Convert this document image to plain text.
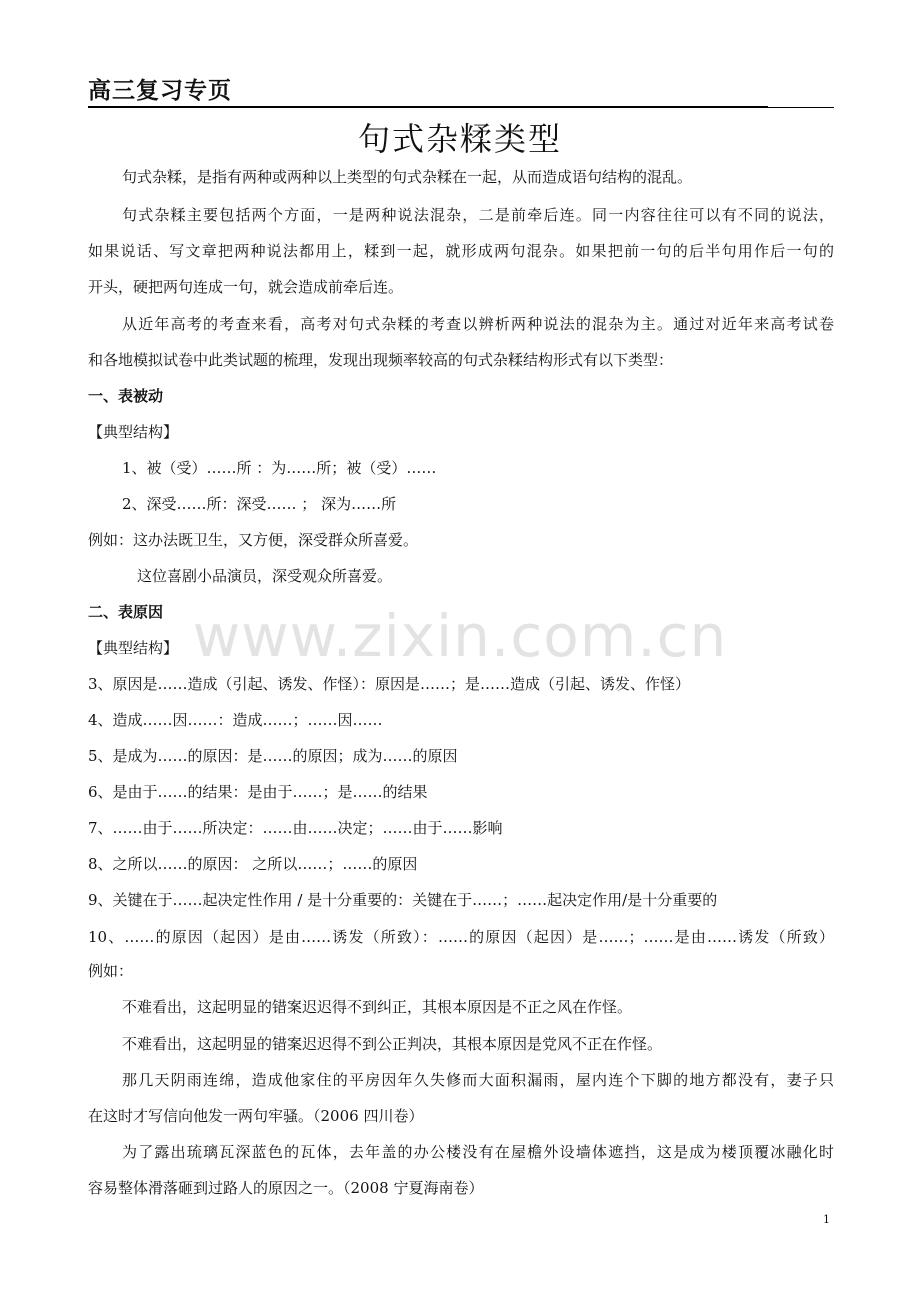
高三复习专页
句式杂糅类型
www.zixin.com.cn
句式杂糅，是指有两种或两种以上类型的句式杂糅在一起，从而造成语句结构的混乱。
句式杂糅主要包括两个方面，一是两种说法混杂，二是前牵后连。同一内容往往可以有不同的说法，
如果说话、写文章把两种说法都用上，糅到一起，就形成两句混杂。如果把前一句的后半句用作后一句的
开头，硬把两句连成一句，就会造成前牵后连。
从近年高考的考查来看，高考对句式杂糅的考查以辨析两种说法的混杂为主。通过对近年来高考试卷
和各地模拟试卷中此类试题的梳理，发现出现频率较高的句式杂糅结构形式有以下类型：
一、表被动
【典型结构】
1、被（受）……所 ：为……所；被（受）……
2、深受……所：深受…… ； 深为……所
例如：这办法既卫生，又方便，深受群众所喜爱。
这位喜剧小品演员，深受观众所喜爱。
二、表原因
【典型结构】
3、原因是……造成（引起、诱发、作怪）：原因是……；是……造成（引起、诱发、作怪）
4、造成……因……：造成……；……因……
5、是成为……的原因：是……的原因；成为……的原因
6、是由于……的结果：是由于……；是……的结果
7、……由于……所决定：……由……决定；……由于……影响
8、之所以……的原因： 之所以……；……的原因
9、关键在于……起决定性作用 / 是十分重要的：关键在于……；……起决定作用/是十分重要的
10、……的原因（起因）是由……诱发（所致）：……的原因（起因）是……；……是由……诱发（所致）
例如：
不难看出，这起明显的错案迟迟得不到纠正，其根本原因是不正之风在作怪。
不难看出，这起明显的错案迟迟得不到公正判决，其根本原因是党风不正在作怪。
那几天阴雨连绵，造成他家住的平房因年久失修而大面积漏雨，屋内连个下脚的地方都没有，妻子只
在这时才写信向他发一两句牢骚。（2006 四川卷）
为了露出琉璃瓦深蓝色的瓦体，去年盖的办公楼没有在屋檐外设墙体遮挡，这是成为楼顶覆冰融化时
容易整体滑落砸到过路人的原因之一。（2008 宁夏海南卷）
1
